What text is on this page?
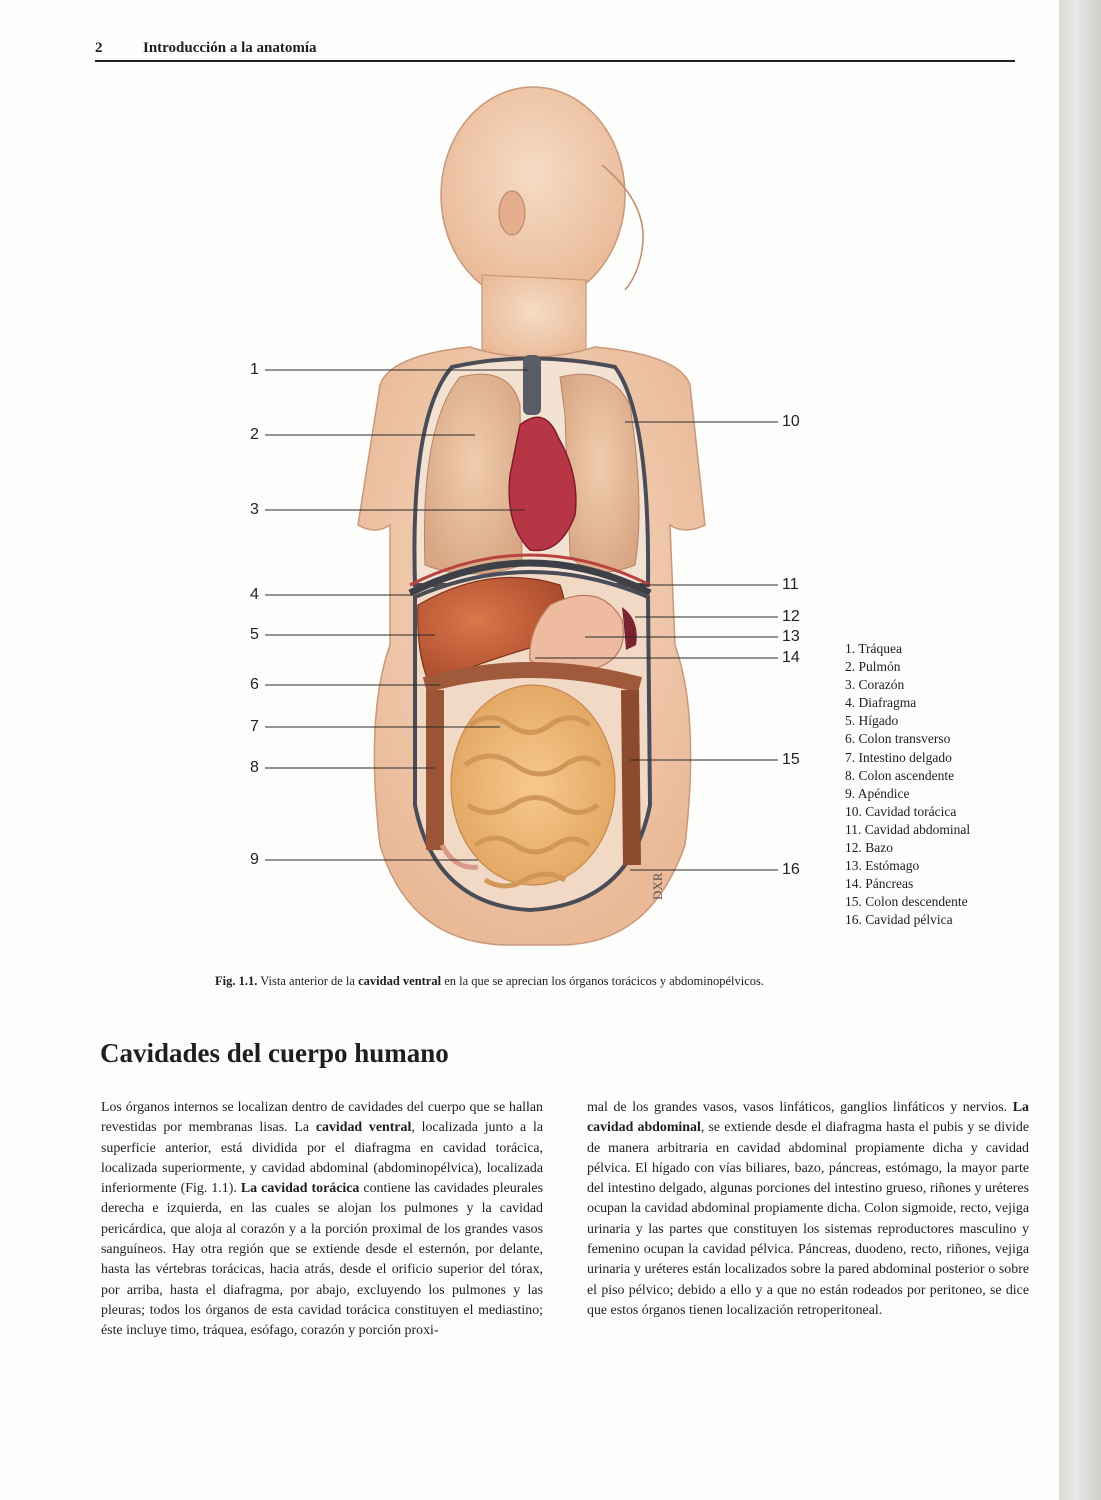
2	Introducción a la anatomía
DXR
1
2
3
4
5
6
7
8
9
10
11
12
13
14
15
16
1. Tráquea
2. Pulmón
3. Corazón
4. Diafragma
5. Hígado
6. Colon transverso
7. Intestino delgado
8. Colon ascendente
9. Apéndice
10. Cavidad torácica
11. Cavidad abdominal
12. Bazo
13. Estómago
14. Páncreas
15. Colon descendente
16. Cavidad pélvica
Fig. 1.1. Vista anterior de la cavidad ventral en la que se aprecian los órganos torácicos y abdominopélvicos.
Cavidades del cuerpo humano

Los órganos internos se localizan dentro de cavidades del cuerpo que se hallan revestidas por membranas lisas. La cavidad ventral, localizada junto a la superficie anterior, está dividida por el diafragma en cavidad torácica, localizada superiormente, y cavidad abdominal (abdominopélvica), localizada inferiormente (Fig. 1.1). La cavidad torácica contiene las cavidades pleurales derecha e izquierda, en las cuales se alojan los pulmones y la cavidad pericárdica, que aloja al corazón y a la porción proximal de los grandes vasos sanguíneos. Hay otra región que se extiende desde el esternón, por delante, hasta las vértebras torácicas, hacia atrás, desde el orificio superior del tórax, por arriba, hasta el diafragma, por abajo, excluyendo los pulmones y las pleuras; todos los órganos de esta cavidad torácica constituyen el mediastino; éste incluye timo, tráquea, esófago, corazón y porción proxi-

mal de los grandes vasos, vasos linfáticos, ganglios linfáticos y nervios. La cavidad abdominal, se extiende desde el diafragma hasta el pubis y se divide de manera arbitraria en cavidad abdominal propiamente dicha y cavidad pélvica. El hígado con vías biliares, bazo, páncreas, estómago, la mayor parte del intestino delgado, algunas porciones del intestino grueso, riñones y uréteres ocupan la cavidad abdominal propiamente dicha. Colon sigmoide, recto, vejiga urinaria y las partes que constituyen los sistemas reproductores masculino y femenino ocupan la cavidad pélvica. Páncreas, duodeno, recto, riñones, vejiga urinaria y uréteres están localizados sobre la pared abdominal posterior o sobre el piso pélvico; debido a ello y a que no están rodeados por peritoneo, se dice que estos órganos tienen localización retroperitoneal.
